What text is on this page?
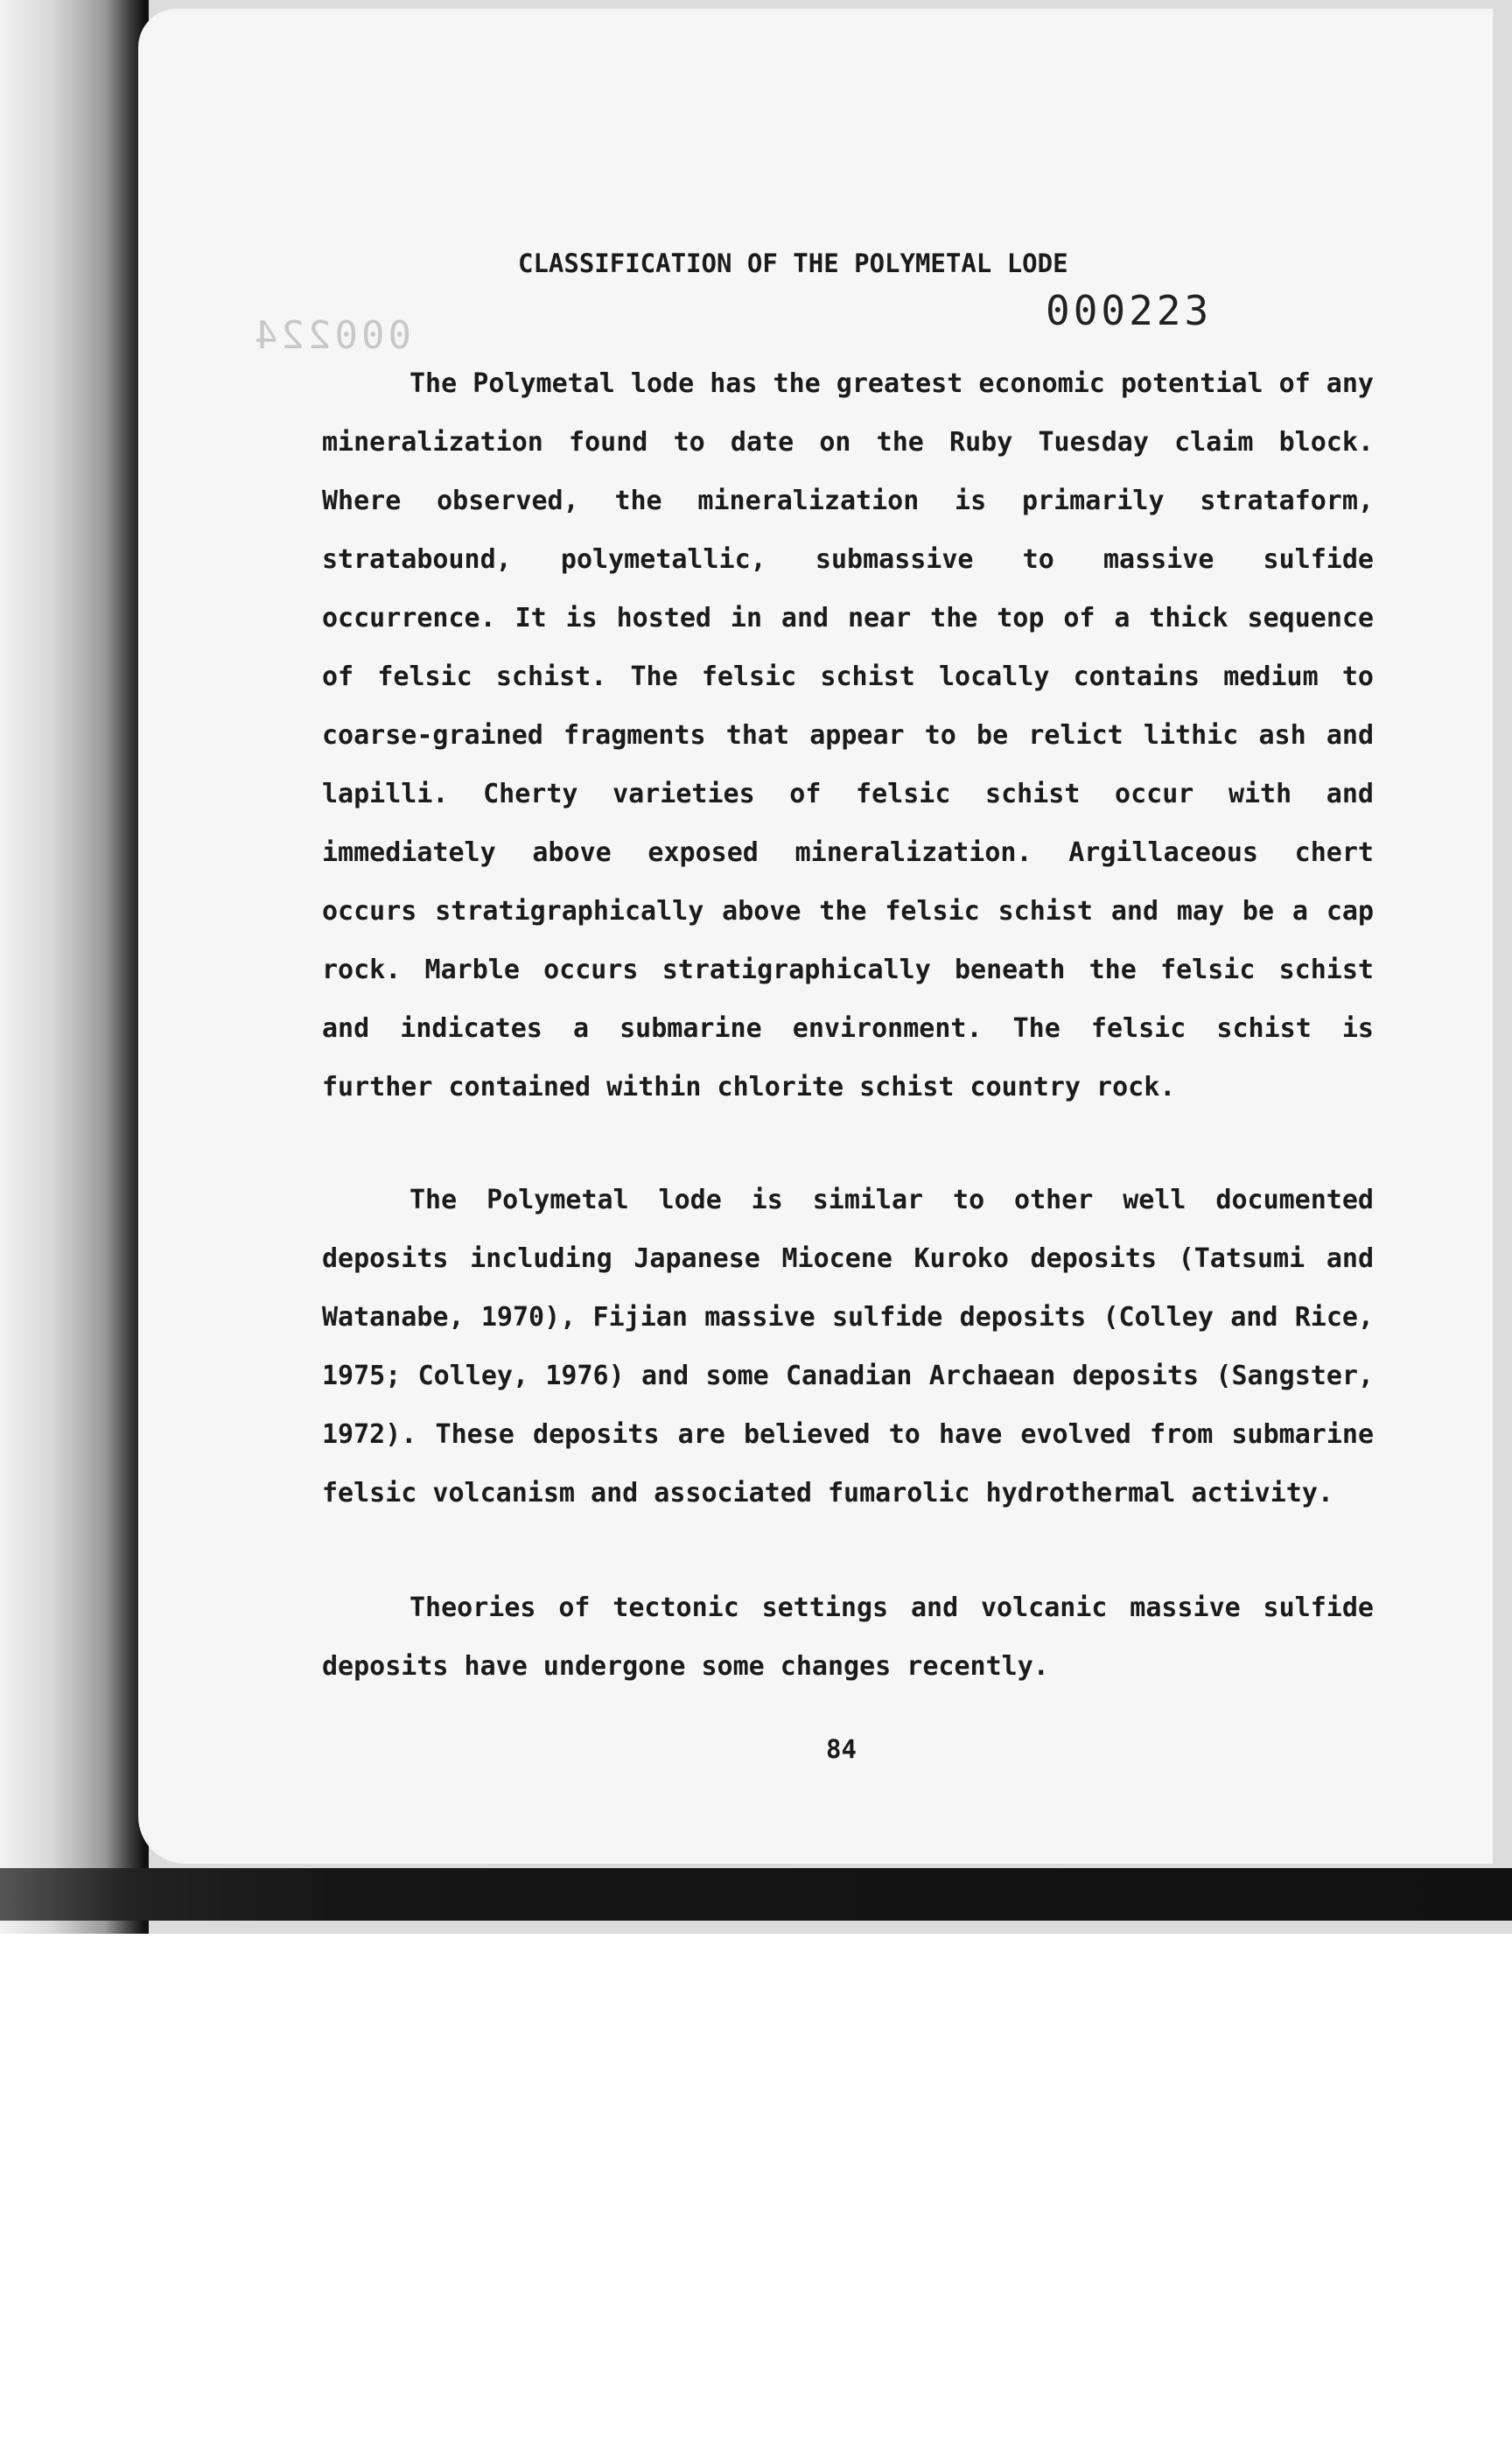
000224
CLASSIFICATION OF THE POLYMETAL LODE
000223

The Polymetal lode has the greatest economic potential of any mineralization found to date on the Ruby Tuesday claim block. Where observed, the mineralization is primarily strataform, stratabound, polymetallic, submassive to massive sulfide occurrence. It is hosted in and near the top of a thick sequence of felsic schist. The felsic schist locally contains medium to coarse-grained fragments that appear to be relict lithic ash and lapilli. Cherty varieties of felsic schist occur with and immediately above exposed mineralization. Argillaceous chert occurs stratigraphically above the felsic schist and may be a cap rock. Marble occurs stratigraphically beneath the felsic schist and indicates a submarine environment. The felsic schist is further contained within chlorite schist country rock.

The Polymetal lode is similar to other well documented deposits including Japanese Miocene Kuroko deposits (Tatsumi and Watanabe, 1970), Fijian massive sulfide deposits (Colley and Rice, 1975; Colley, 1976) and some Canadian Archaean deposits (Sangster, 1972). These deposits are believed to have evolved from submarine felsic volcanism and associated fumarolic hydrothermal activity.

Theories of tectonic settings and volcanic massive sulfide deposits have undergone some changes recently.

84
